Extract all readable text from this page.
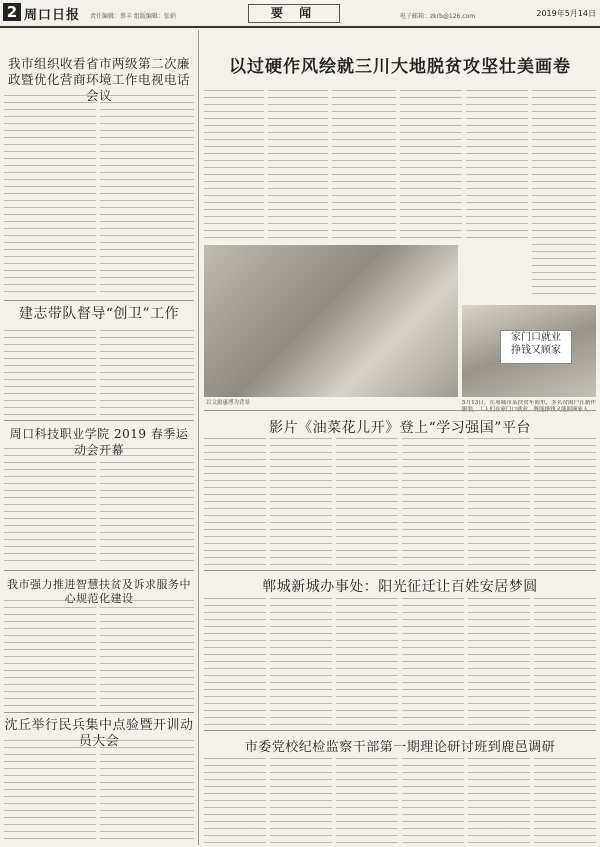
2 周口日报 责任编辑：蔡丰 组版编辑：张娟	要 闻	电子邮箱：zkrb@126.com	2019年5月14日
我市组织收看省市两级第二次廉政暨优化营商环境工作电视电话会议
建志带队督导“创卫”工作
周口科技职业学院 2019 春季运动会开幕
我市强力推进智慧扶贫及诉求服务中心规范化建设
沈丘举行民兵集中点验暨开训动员大会
以过硬作风绘就三川大地脱贫攻坚壮美画卷
以文旅惠博为背景
家门口就业
挣钱又顾家
5月13日，在项城市某扶贫车间里，多名贫困户在制作
影片《油菜花儿开》登上“学习强国”平台
郸城新城办事处：阳光征迁让百姓安居梦圆
市委党校纪检监察干部第一期理论研讨班到鹿邑调研
